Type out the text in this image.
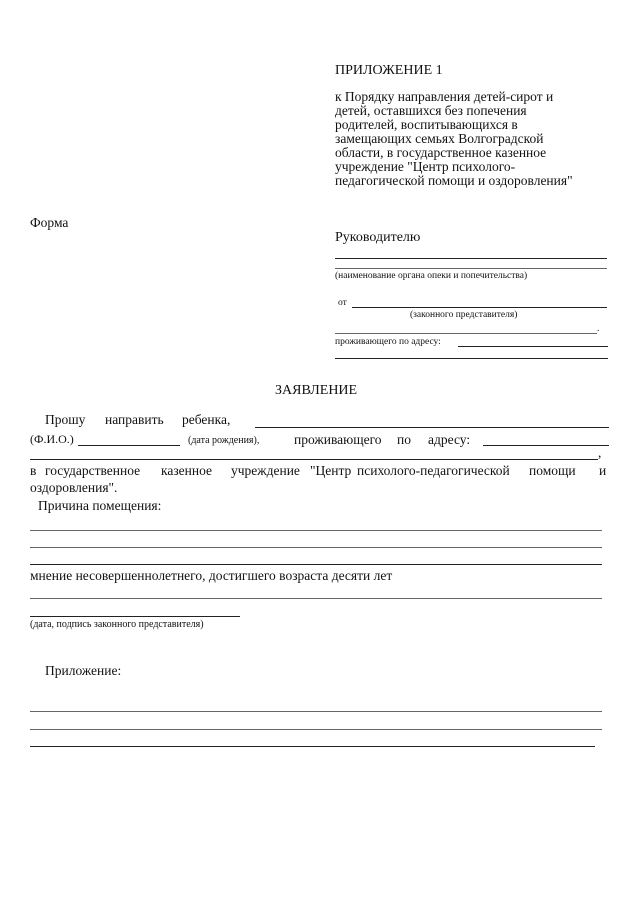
ПРИЛОЖЕНИЕ 1
к Порядку направления детей-сирот и
детей, оставшихся без попечения
родителей, воспитывающихся в
замещающих семьях Волгоградской
области, в государственное казенное
учреждение "Центр психолого-
педагогической помощи и оздоровления"
Форма
Руководителю
(наименование органа опеки и попечительства)
от
(законного представителя)
.
проживающего по адресу:
ЗАЯВЛЕНИЕ
Прошу направить ребенка,
(Ф.И.О.)	(дата рождения),	проживающего по адресу:
,
в государственное казенное учреждение "Центр психолого-педагогической помощи и
оздоровления".
Причина помещения:
мнение несовершеннолетнего, достигшего возраста десяти лет
(дата, подпись законного представителя)
Приложение:
